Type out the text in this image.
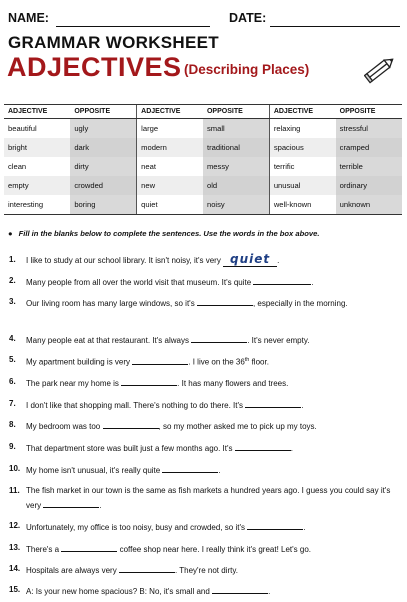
NAME:	DATE:
GRAMMAR WORKSHEET
ADJECTIVES (Describing Places)
ADJECTIVE	OPPOSITE	ADJECTIVE	OPPOSITE	ADJECTIVE	OPPOSITE
beautiful	ugly	large	small	relaxing	stressful
bright	dark	modern	traditional	spacious	cramped
clean	dirty	neat	messy	terrific	terrible
empty	crowded	new	old	unusual	ordinary
interesting	boring	quiet	noisy	well-known	unknown
● Fill in the blanks below to complete the sentences. Use the words in the box above.
1. I like to study at our school library. It isn't noisy, it's very quiet .
2. Many people from all over the world visit that museum. It's quite	.
3. Our living room has many large windows, so it's	, especially in the morning.
4. Many people eat at that restaurant. It's always	. It's never empty.
5. My apartment building is very	. I live on the 36th floor.
6. The park near my home is	. It has many flowers and trees.
7. I don't like that shopping mall. There's nothing to do there. It's	.
8. My bedroom was too	, so my mother asked me to pick up my toys.
9. That department store was built just a few months ago. It's	.
10. My home isn't unusual, it's really quite	.
11. The fish market in our town is the same as fish markets a hundred years ago. I guess you could say it's very	.
12. Unfortunately, my office is too noisy, busy and crowded, so it's	.
13. There's a	coffee shop near here. I really think it's great! Let's go.
14. Hospitals are always very	. They're not dirty.
15. A: Is your new home spacious? B: No, it's small and	.
